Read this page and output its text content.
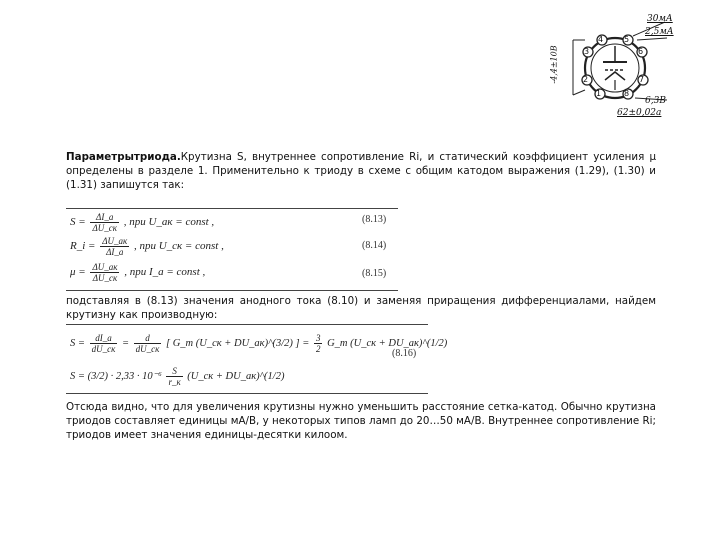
1
2
3
4	5
6
7
8
30мА
2,5мА
-4,4±10В
6,3В
62±0,02а

Параметрытриода.Крутизна S, внутреннее сопротивление Ri, и статический коэффициент усиления μ определены в разделе 1. Применительно к триоду в схеме с общим катодом выражения (1.29), (1.30) и (1.31) запишутся так:

$S = \frac{\Delta I\_a}{\Delta U\_cк}$ , при U_ак = const ,	(8.13)
R_i = $\frac{\Delta U\_ак}{\Delta I\_a}$ , при U_cк = const ,	(8.14)
$\mu = \frac{\Delta U\_ак}{\Delta U\_ск}$ , при I_a = const ,	(8.15)

подставляя в (8.13) значения анодного тока (8.10) и заменяя приращения дифференциалами, найдем крутизну как производную:

$S = \frac{dI\_a}{dU\_ск} = \frac{d}{dU\_ск}$ [ G_т (U_ск + DU_ак)^(3/2) ] = $\frac{3}{2}$ G_т (U_ск + DU_ак)^(1/2)
(8.16)
$S = (3/2) \cdot 2,33 \cdot 10^{-6} \frac{S}{r\_к}$ (U_ск + DU_ак)^(1/2)

Отсюда видно, что для увеличения крутизны нужно уменьшить расстояние сетка-катод. Обычно крутизна триодов составляет единицы мА/В, у некоторых типов ламп до 20…50 мА/В. Внутреннее сопротивление Ri; триодов имеет значения единицы-десятки килоом.
